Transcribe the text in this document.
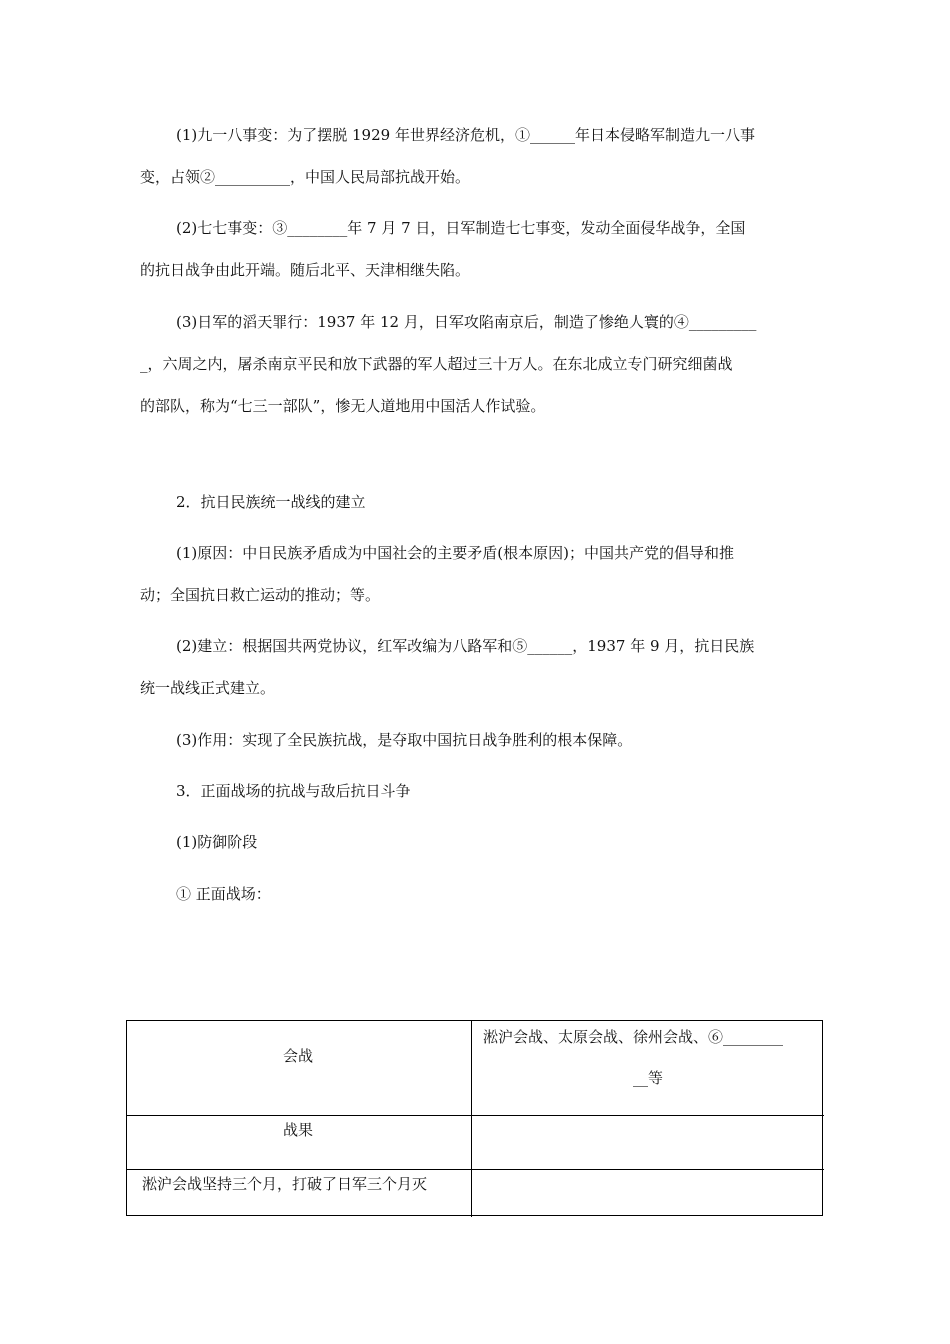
(1)九一八事变：为了摆脱 1929 年世界经济危机，①______年日本侵略军制造九一八事
变，占领②__________，中国人民局部抗战开始。
(2)七七事变：③________年 7 月 7 日，日军制造七七事变，发动全面侵华战争，全国
的抗日战争由此开端。随后北平、天津相继失陷。
(3)日军的滔天罪行：1937 年 12 月，日军攻陷南京后，制造了惨绝人寰的④_________
_，六周之内，屠杀南京平民和放下武器的军人超过三十万人。在东北成立专门研究细菌战
的部队，称为“七三一部队”，惨无人道地用中国活人作试验。
2．抗日民族统一战线的建立
(1)原因：中日民族矛盾成为中国社会的主要矛盾(根本原因)；中国共产党的倡导和推
动；全国抗日救亡运动的推动；等。
(2)建立：根据国共两党协议，红军改编为八路军和⑤______，1937 年 9 月，抗日民族
统一战线正式建立。
(3)作用：实现了全民族抗战，是夺取中国抗日战争胜利的根本保障。
3．正面战场的抗战与敌后抗日斗争
(1)防御阶段
① 正面战场：
会战
淞沪会战、太原会战、徐州会战、⑥________
__等
战果
淞沪会战坚持三个月，打破了日军三个月灭
